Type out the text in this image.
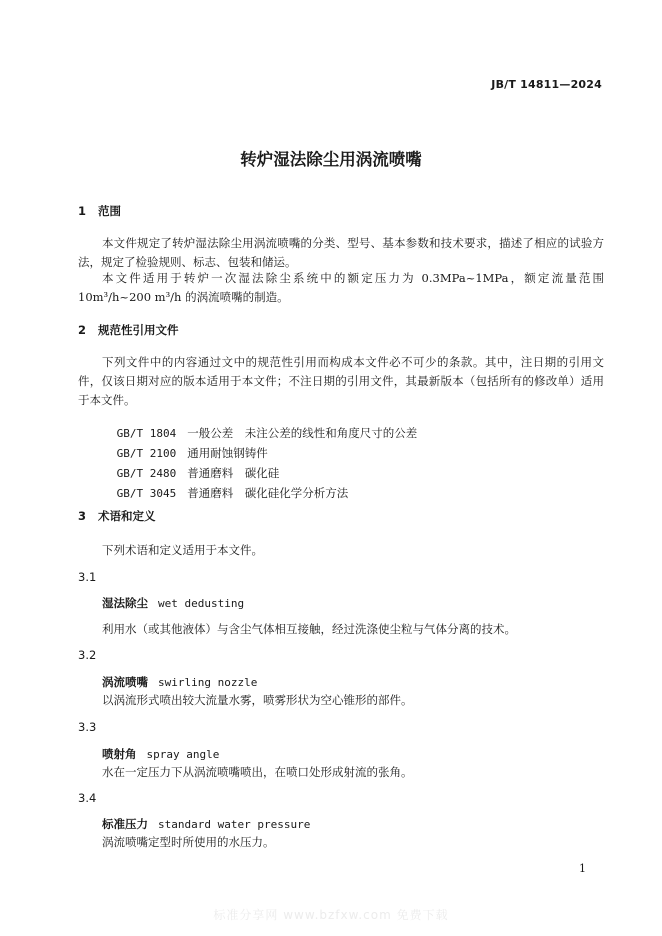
JB/T 14811—2024
转炉湿法除尘用涡流喷嘴
1 范围
本文件规定了转炉湿法除尘用涡流喷嘴的分类、型号、基本参数和技术要求，描述了相应的试验方法，规定了检验规则、标志、包装和储运。
本文件适用于转炉一次湿法除尘系统中的额定压力为 0.3MPa~1MPa，额定流量范围 10m³/h~200 m³/h 的涡流喷嘴的制造。
2 规范性引用文件
下列文件中的内容通过文中的规范性引用而构成本文件必不可少的条款。其中，注日期的引用文件，仅该日期对应的版本适用于本文件；不注日期的引用文件，其最新版本（包括所有的修改单）适用于本文件。

GB/T 1804 一般公差　未注公差的线性和角度尺寸的公差

GB/T 2100 通用耐蚀钢铸件

GB/T 2480 普通磨料　碳化硅

GB/T 3045 普通磨料　碳化硅化学分析方法

3 术语和定义
下列术语和定义适用于本文件。
3.1
湿法除尘 wet dedusting
利用水（或其他液体）与含尘气体相互接触，经过洗涤使尘粒与气体分离的技术。
3.2
涡流喷嘴 swirling nozzle
以涡流形式喷出较大流量水雾，喷雾形状为空心锥形的部件。
3.3
喷射角 spray angle
水在一定压力下从涡流喷嘴喷出，在喷口处形成射流的张角。
3.4
标准压力 standard water pressure
涡流喷嘴定型时所使用的水压力。
1
标准分享网 www.bzfxw.com 免费下载
